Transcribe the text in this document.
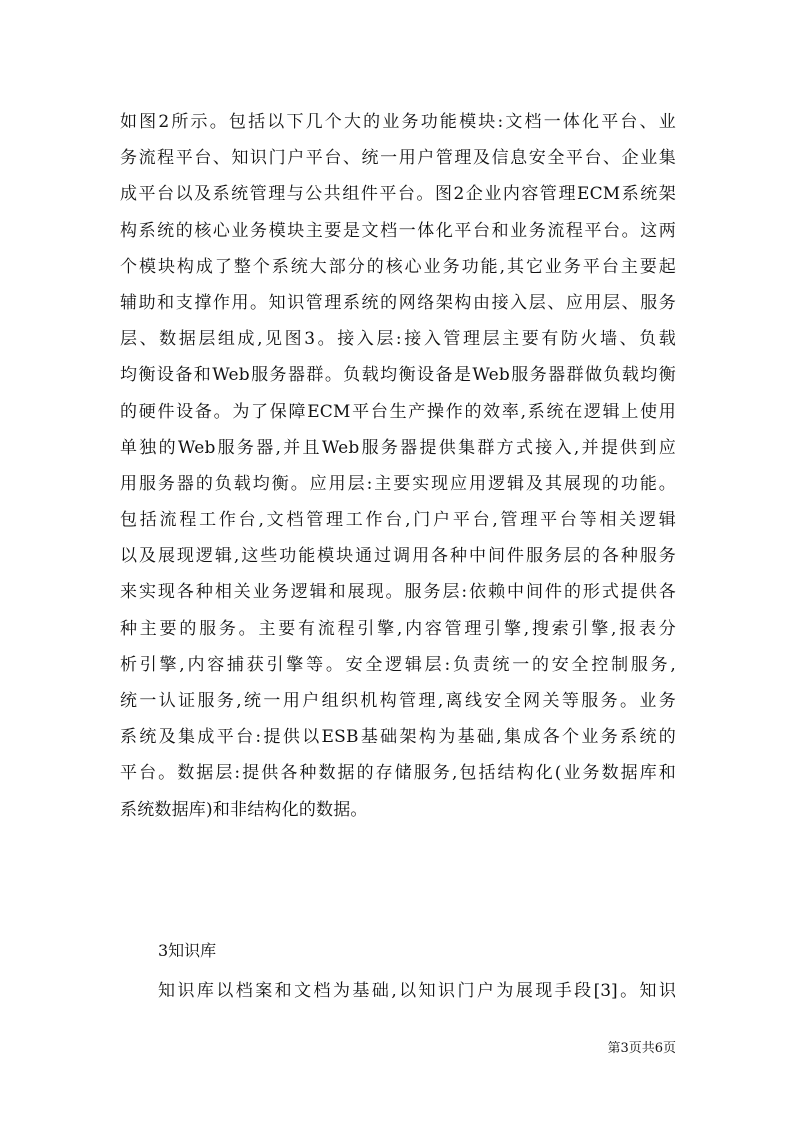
如图2所示。包括以下几个大的业务功能模块:文档一体化平台、业
务流程平台、知识门户平台、统一用户管理及信息安全平台、企业集
成平台以及系统管理与公共组件平台。图2企业内容管理ECM系统架
构系统的核心业务模块主要是文档一体化平台和业务流程平台。这两
个模块构成了整个系统大部分的核心业务功能,其它业务平台主要起
辅助和支撑作用。知识管理系统的网络架构由接入层、应用层、服务
层、数据层组成,见图3。接入层:接入管理层主要有防火墙、负载
均衡设备和Web服务器群。负载均衡设备是Web服务器群做负载均衡
的硬件设备。为了保障ECM平台生产操作的效率,系统在逻辑上使用
单独的Web服务器,并且Web服务器提供集群方式接入,并提供到应
用服务器的负载均衡。应用层:主要实现应用逻辑及其展现的功能。
包括流程工作台,文档管理工作台,门户平台,管理平台等相关逻辑
以及展现逻辑,这些功能模块通过调用各种中间件服务层的各种服务
来实现各种相关业务逻辑和展现。服务层:依赖中间件的形式提供各
种主要的服务。主要有流程引擎,内容管理引擎,搜索引擎,报表分
析引擎,内容捕获引擎等。安全逻辑层:负责统一的安全控制服务,
统一认证服务,统一用户组织机构管理,离线安全网关等服务。业务
系统及集成平台:提供以ESB基础架构为基础,集成各个业务系统的
平台。数据层:提供各种数据的存储服务,包括结构化(业务数据库和
系统数据库)和非结构化的数据。
3知识库
知识库以档案和文档为基础,以知识门户为展现手段[3]。知识
第3页共6页
